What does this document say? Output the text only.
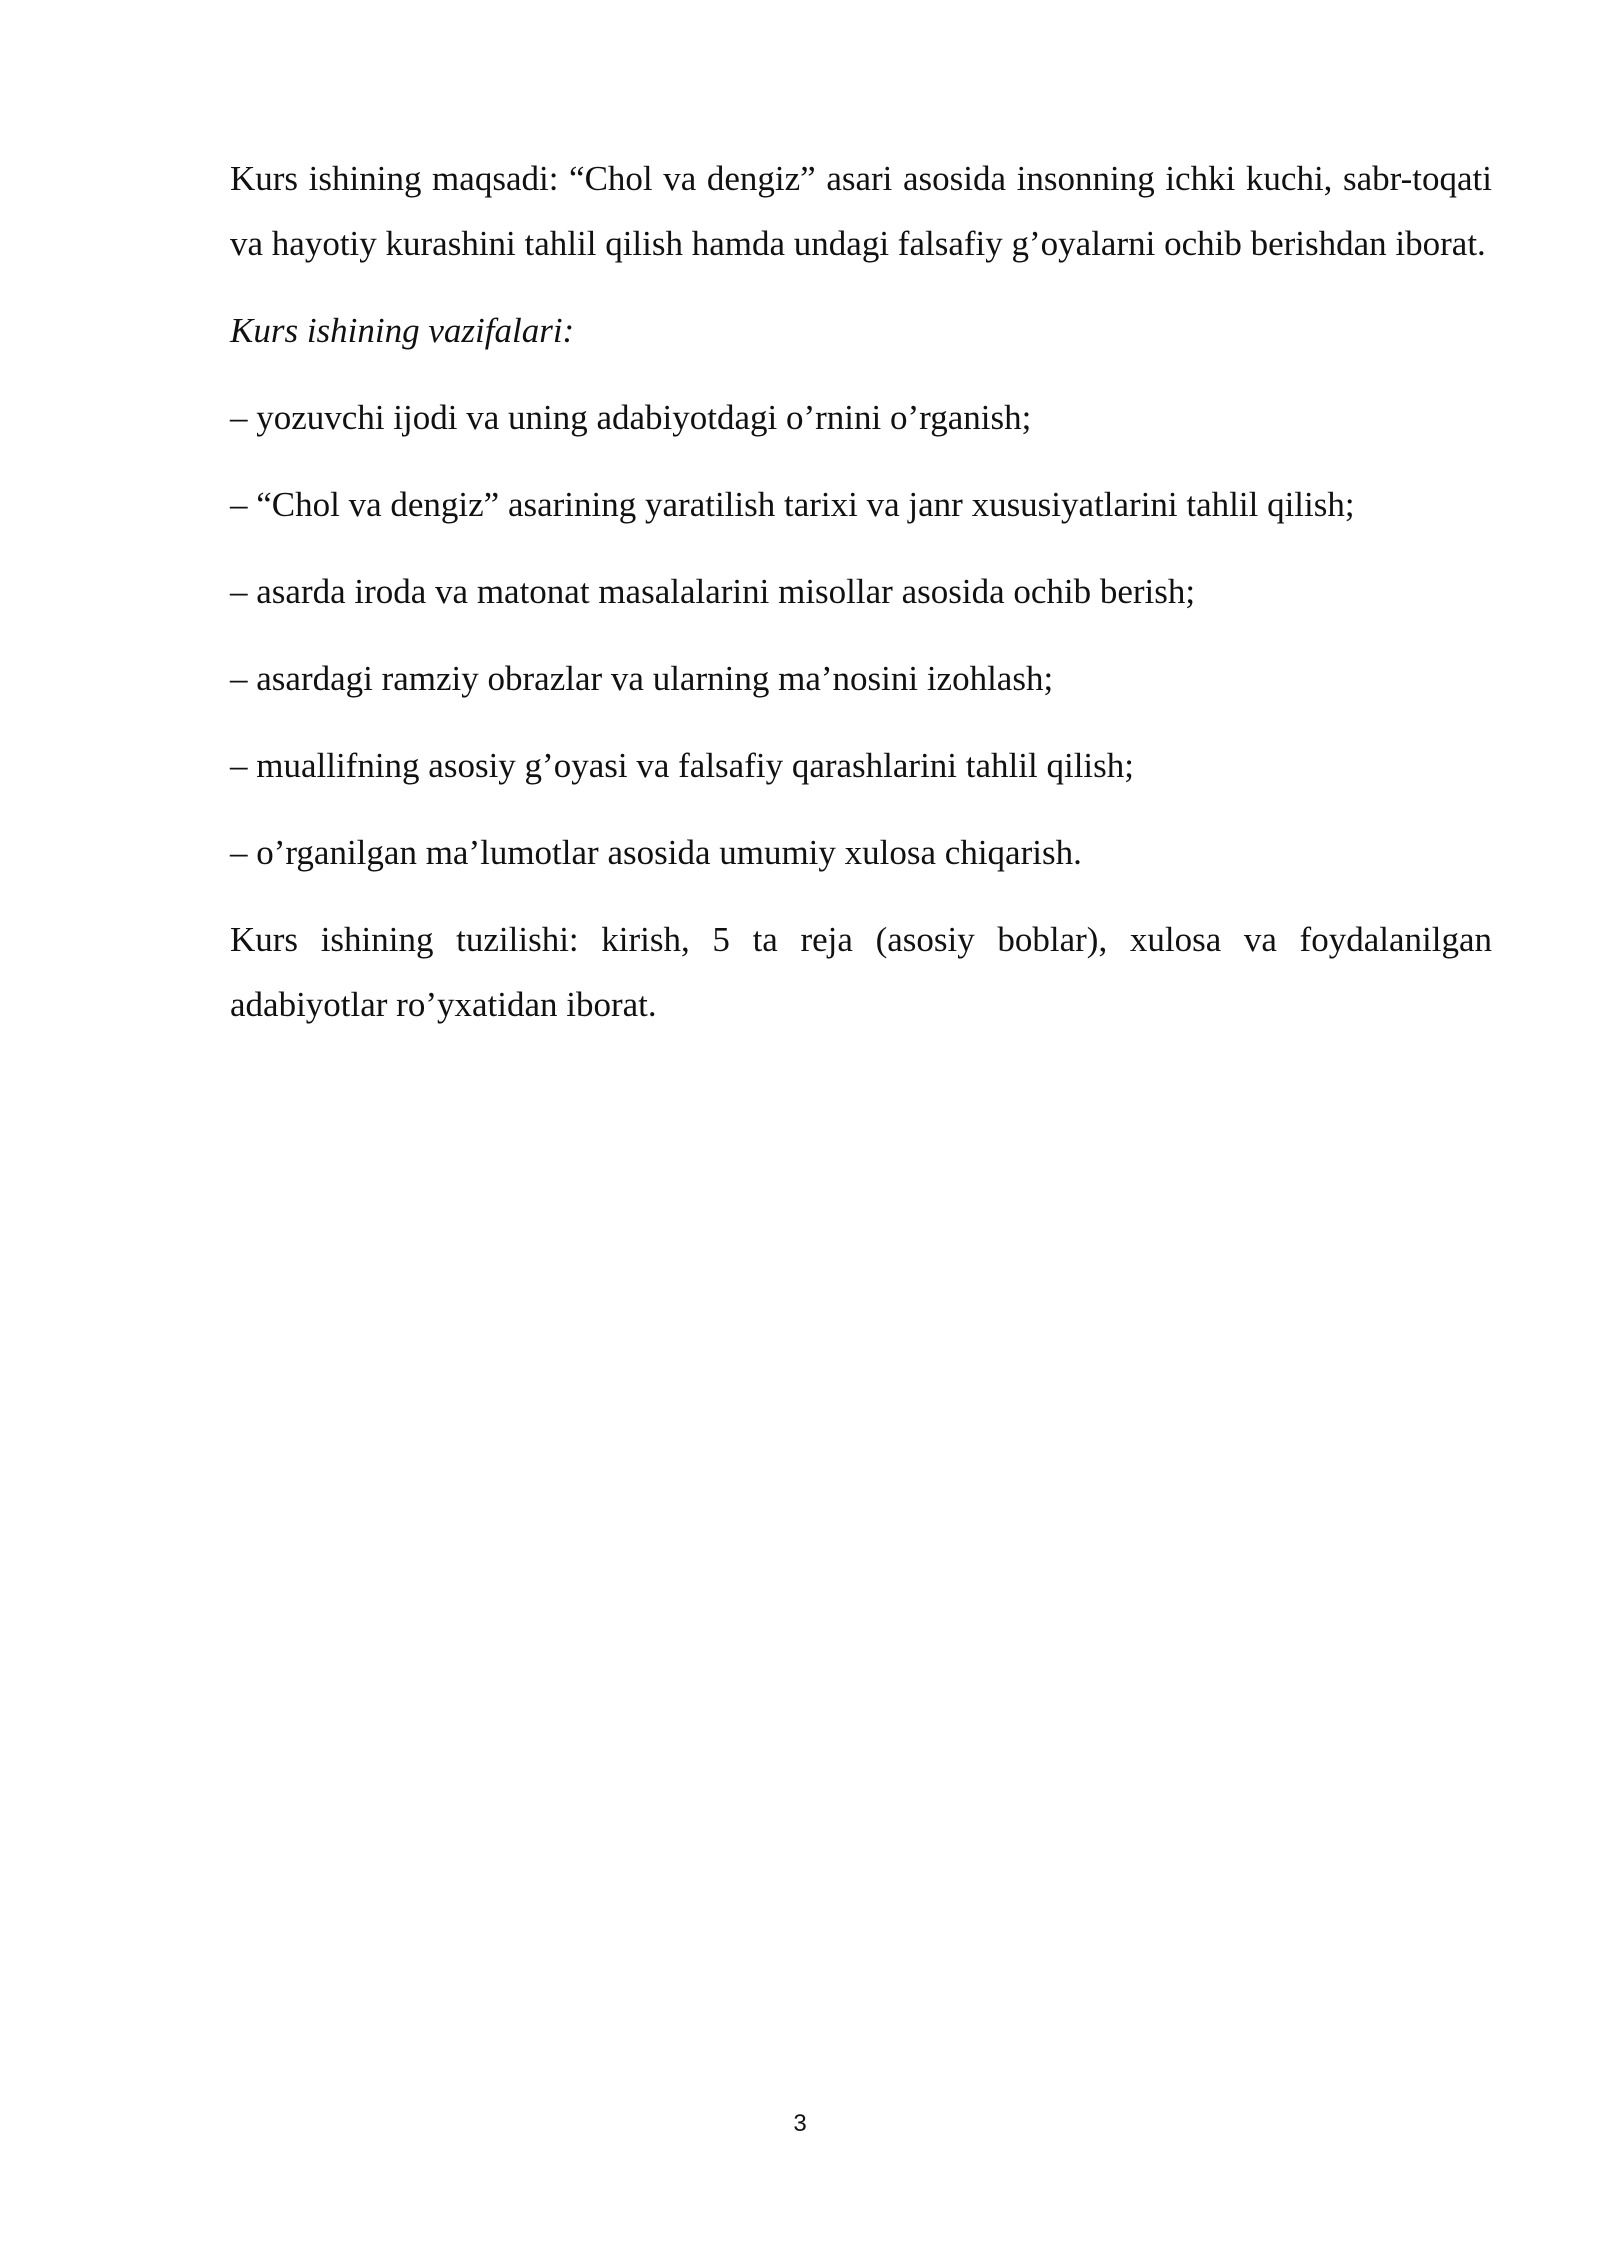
Kurs ishining maqsadi: “Chol va dengiz” asari asosida insonning ichki kuchi, sabr-toqati va hayotiy kurashini tahlil qilish hamda undagi falsafiy g’oyalarni ochib berishdan iborat.

Kurs ishining vazifalari:

– yozuvchi ijodi va uning adabiyotdagi o’rnini o’rganish;
– “Chol va dengiz” asarining yaratilish tarixi va janr xususiyatlarini tahlil qilish;
– asarda iroda va matonat masalalarini misollar asosida ochib berish;
– asardagi ramziy obrazlar va ularning ma’nosini izohlash;
– muallifning asosiy g’oyasi va falsafiy qarashlarini tahlil qilish;
– o’rganilgan ma’lumotlar asosida umumiy xulosa chiqarish.

Kurs ishining tuzilishi: kirish, 5 ta reja (asosiy boblar), xulosa va foydalanilgan adabiyotlar ro’yxatidan iborat.

3
